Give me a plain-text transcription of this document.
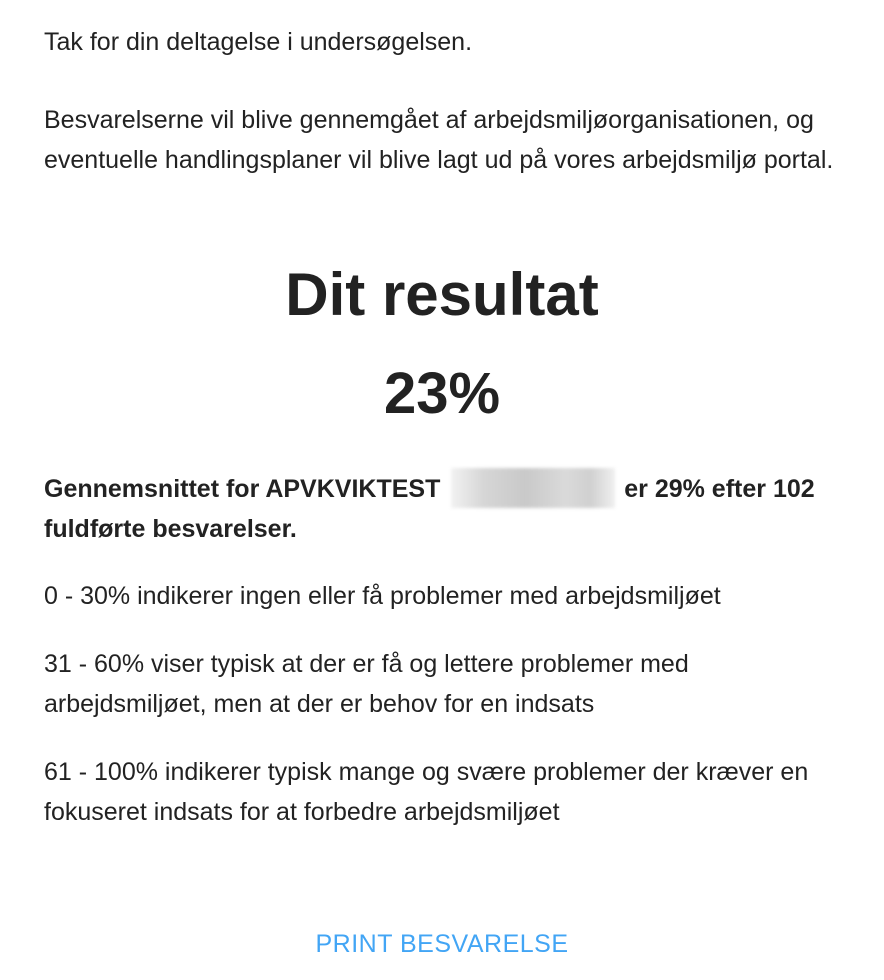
Tak for din deltagelse i undersøgelsen.

Besvarelserne vil blive gennemgået af arbejdsmiljøorganisationen, og eventuelle handlingsplaner vil blive lagt ud på vores arbejdsmiljø portal.

Dit resultat
23%

Gennemsnittet for APVKVIKTEST	er 29% efter 102 fuldførte besvarelser.

0 - 30% indikerer ingen eller få problemer med arbejdsmiljøet

31 - 60% viser typisk at der er få og lettere problemer med arbejdsmiljøet, men at der er behov for en indsats

61 - 100% indikerer typisk mange og svære problemer der kræver en fokuseret indsats for at forbedre arbejdsmiljøet

PRINT BESVARELSE
